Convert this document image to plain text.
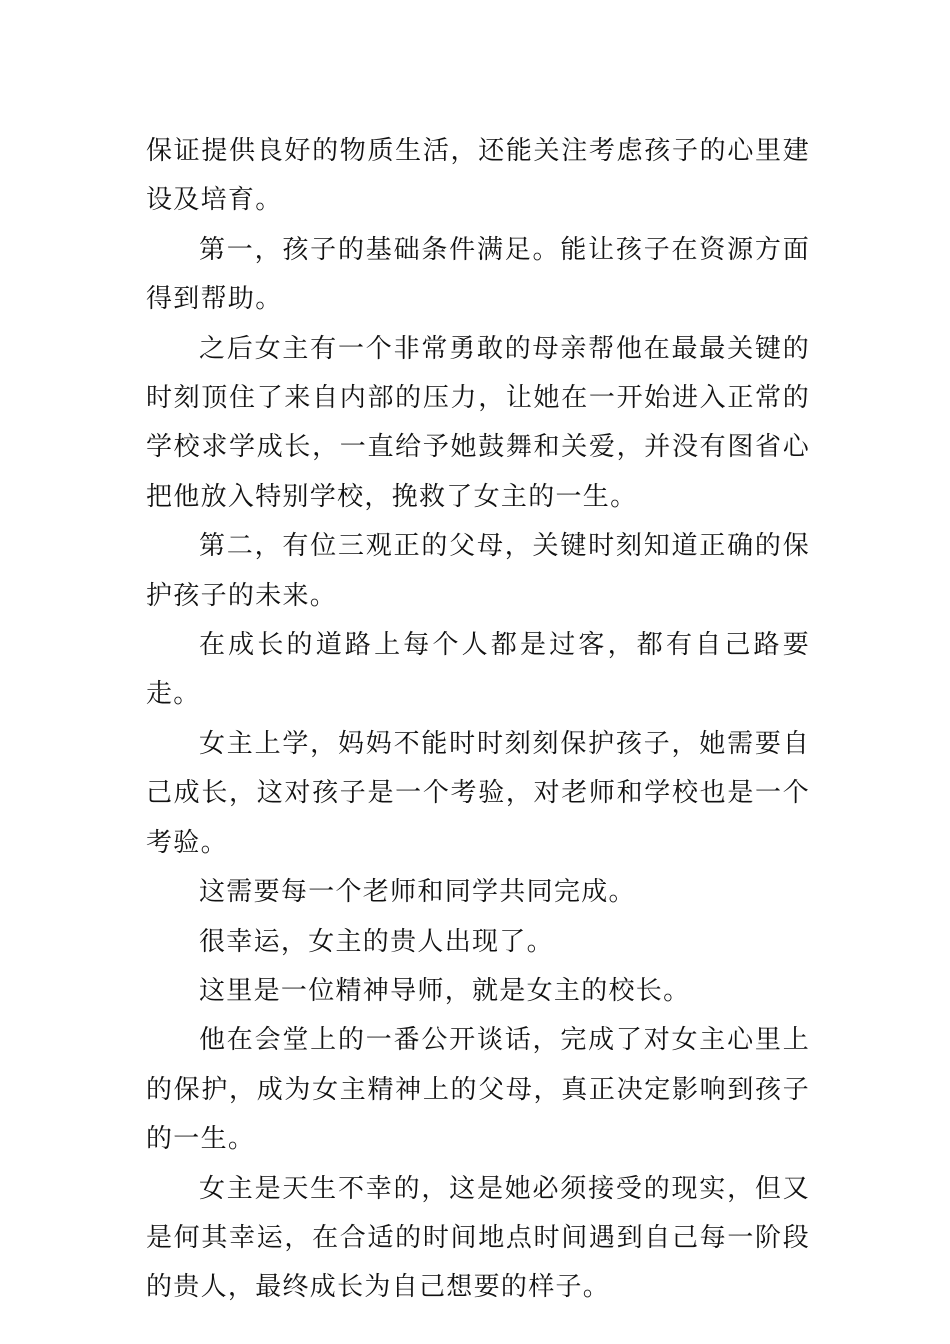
保证提供良好的物质生活，还能关注考虑孩子的心里建设及培育。

第一，孩子的基础条件满足。能让孩子在资源方面得到帮助。

之后女主有一个非常勇敢的母亲帮他在最最关键的时刻顶住了来自内部的压力，让她在一开始进入正常的学校求学成长，一直给予她鼓舞和关爱，并没有图省心把他放入特别学校，挽救了女主的一生。

第二，有位三观正的父母，关键时刻知道正确的保护孩子的未来。

在成长的道路上每个人都是过客，都有自己路要走。

女主上学，妈妈不能时时刻刻保护孩子，她需要自己成长，这对孩子是一个考验，对老师和学校也是一个考验。

这需要每一个老师和同学共同完成。

很幸运，女主的贵人出现了。

这里是一位精神导师，就是女主的校长。

他在会堂上的一番公开谈话，完成了对女主心里上的保护，成为女主精神上的父母，真正决定影响到孩子的一生。

女主是天生不幸的，这是她必须接受的现实，但又是何其幸运，在合适的时间地点时间遇到自己每一阶段的贵人，最终成长为自己想要的样子。
